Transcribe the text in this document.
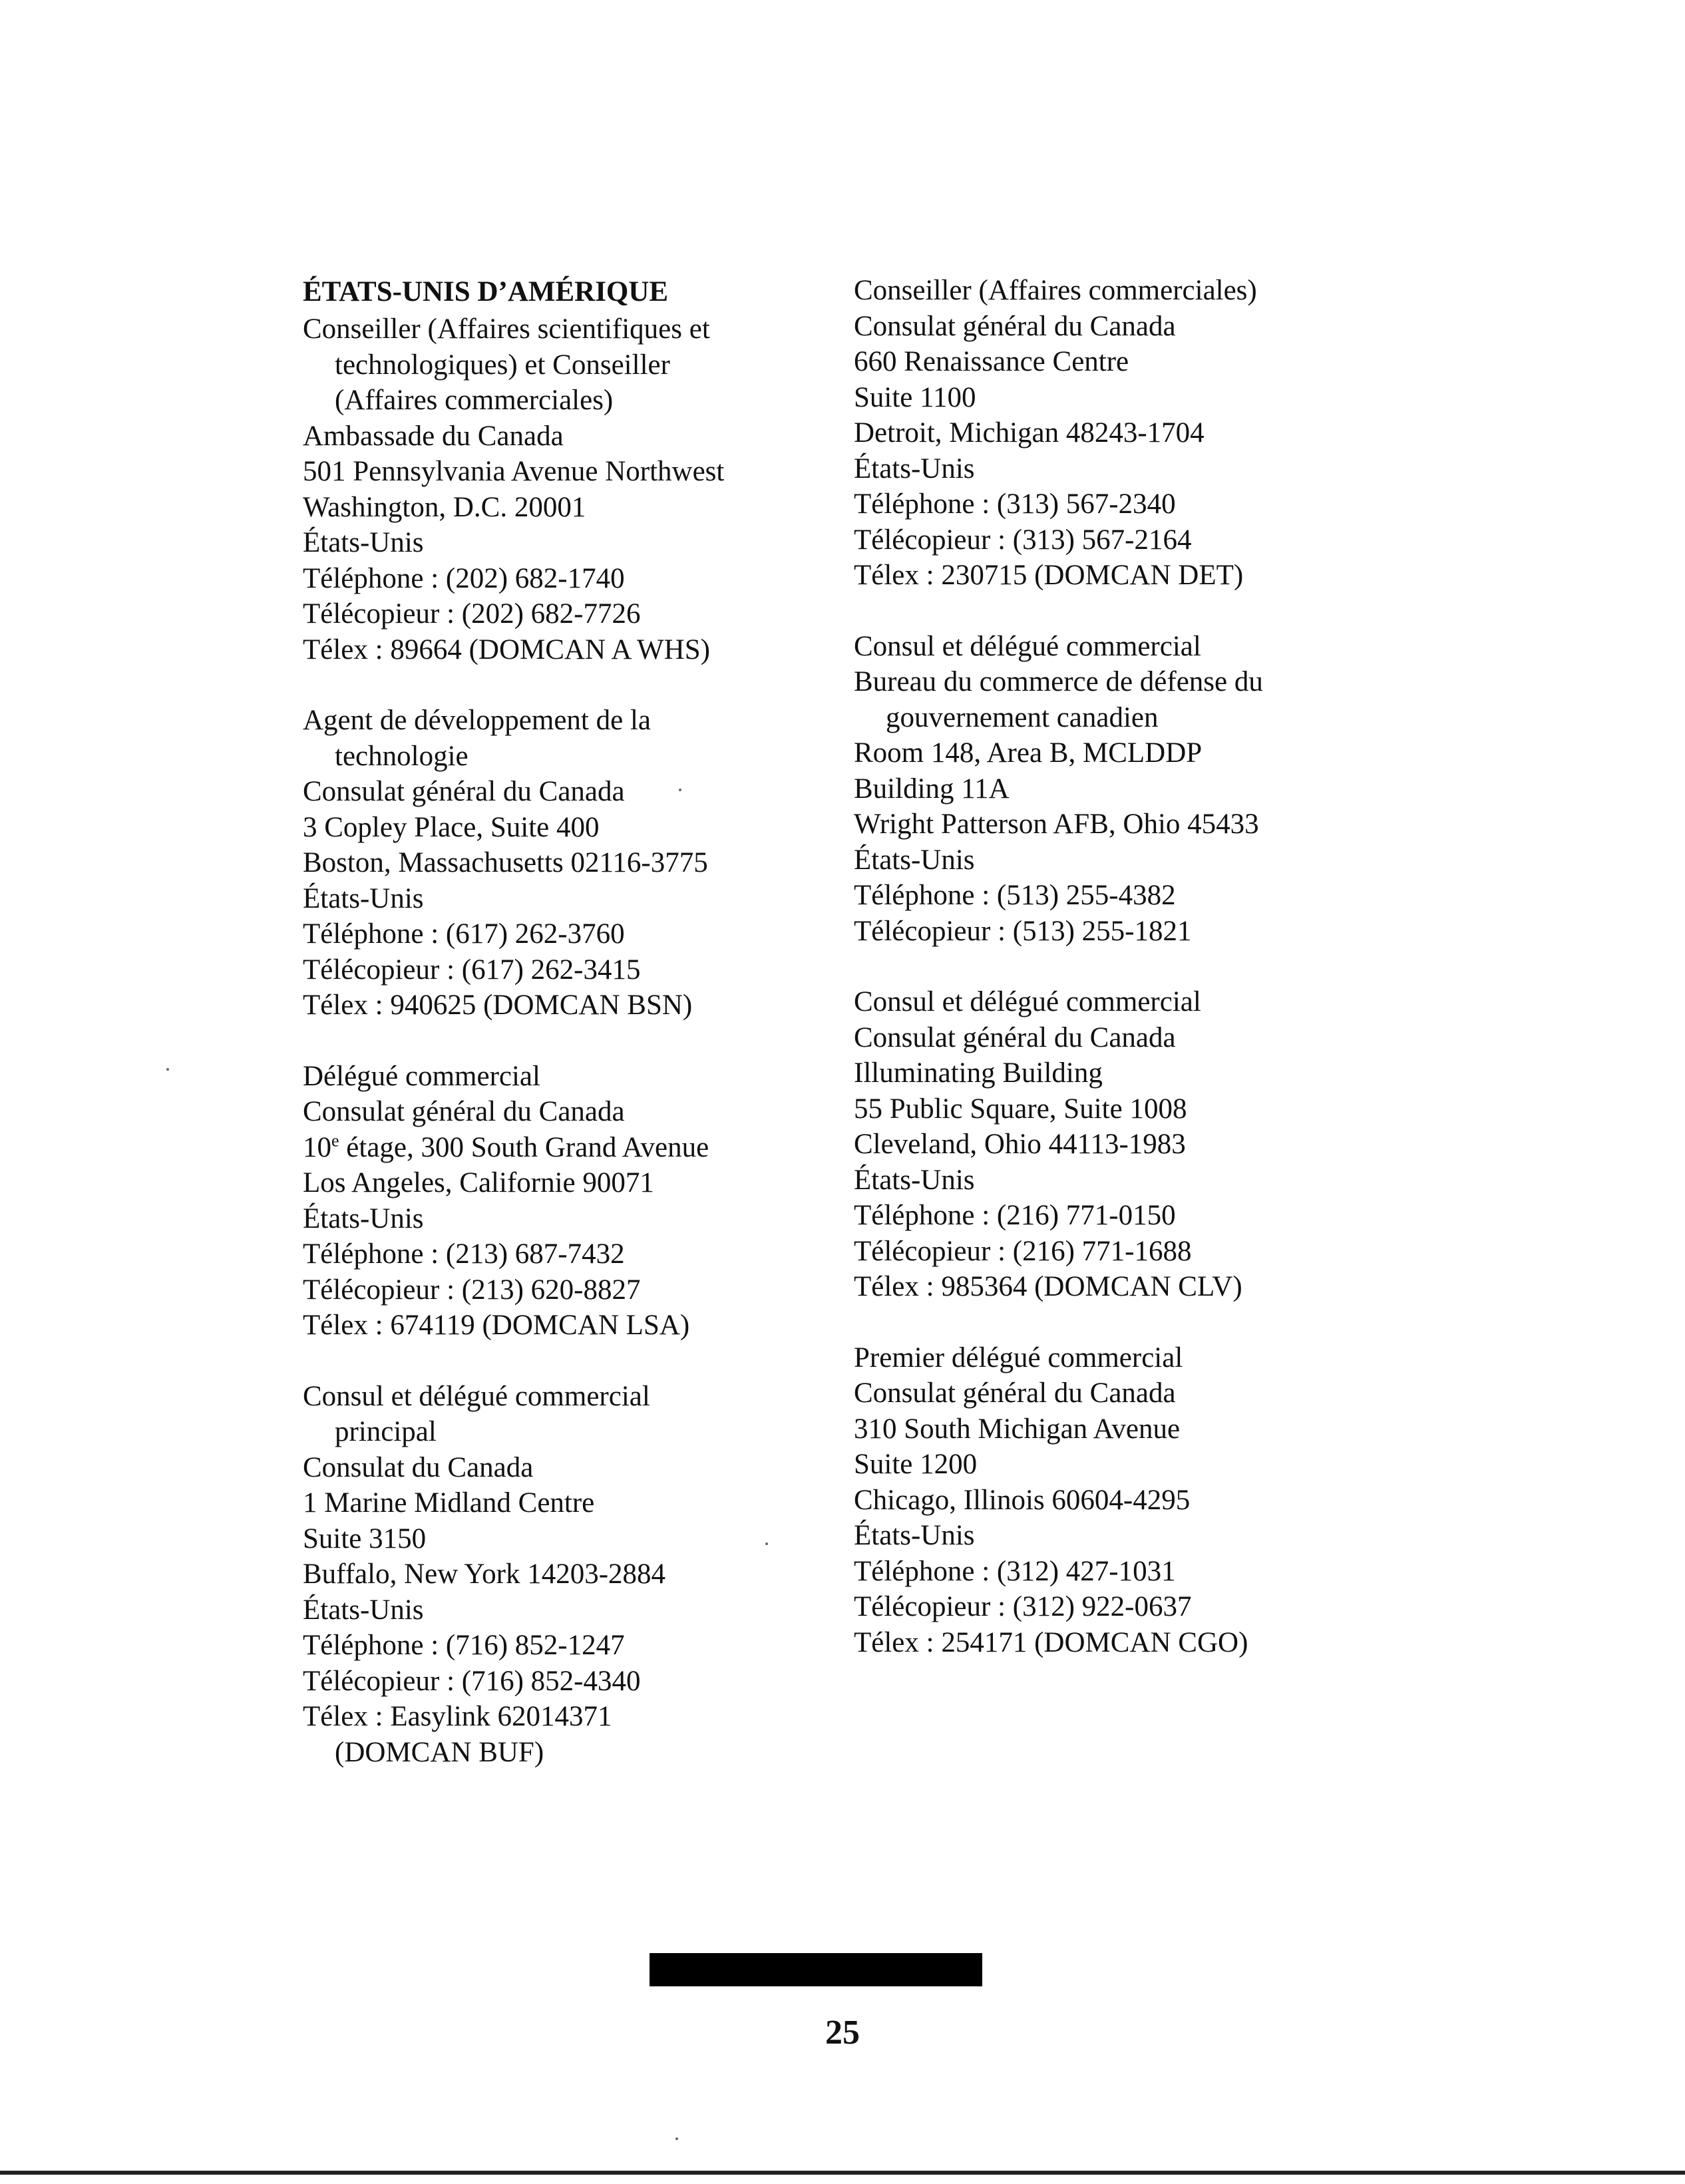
ÉTATS-UNIS D’AMÉRIQUE
Conseiller (Affaires scientifiques et
technologiques) et Conseiller
(Affaires commerciales)
Ambassade du Canada
501 Pennsylvania Avenue Northwest
Washington, D.C. 20001
États-Unis
Téléphone : (202) 682-1740
Télécopieur : (202) 682-7726
Télex : 89664 (DOMCAN A WHS)
Agent de développement de la
technologie
Consulat général du Canada
3 Copley Place, Suite 400
Boston, Massachusetts 02116-3775
États-Unis
Téléphone : (617) 262-3760
Télécopieur : (617) 262-3415
Télex : 940625 (DOMCAN BSN)
Délégué commercial
Consulat général du Canada
10e étage, 300 South Grand Avenue
Los Angeles, Californie 90071
États-Unis
Téléphone : (213) 687-7432
Télécopieur : (213) 620-8827
Télex : 674119 (DOMCAN LSA)
Consul et délégué commercial
principal
Consulat du Canada
1 Marine Midland Centre
Suite 3150
Buffalo, New York 14203-2884
États-Unis
Téléphone : (716) 852-1247
Télécopieur : (716) 852-4340
Télex : Easylink 62014371
(DOMCAN BUF)
Conseiller (Affaires commerciales)
Consulat général du Canada
660 Renaissance Centre
Suite 1100
Detroit, Michigan 48243-1704
États-Unis
Téléphone : (313) 567-2340
Télécopieur : (313) 567-2164
Télex : 230715 (DOMCAN DET)
Consul et délégué commercial
Bureau du commerce de défense du
gouvernement canadien
Room 148, Area B, MCLDDP
Building 11A
Wright Patterson AFB, Ohio 45433
États-Unis
Téléphone : (513) 255-4382
Télécopieur : (513) 255-1821
Consul et délégué commercial
Consulat général du Canada
Illuminating Building
55 Public Square, Suite 1008
Cleveland, Ohio 44113-1983
États-Unis
Téléphone : (216) 771-0150
Télécopieur : (216) 771-1688
Télex : 985364 (DOMCAN CLV)
Premier délégué commercial
Consulat général du Canada
310 South Michigan Avenue
Suite 1200
Chicago, Illinois 60604-4295
États-Unis
Téléphone : (312) 427-1031
Télécopieur : (312) 922-0637
Télex : 254171 (DOMCAN CGO)
25
